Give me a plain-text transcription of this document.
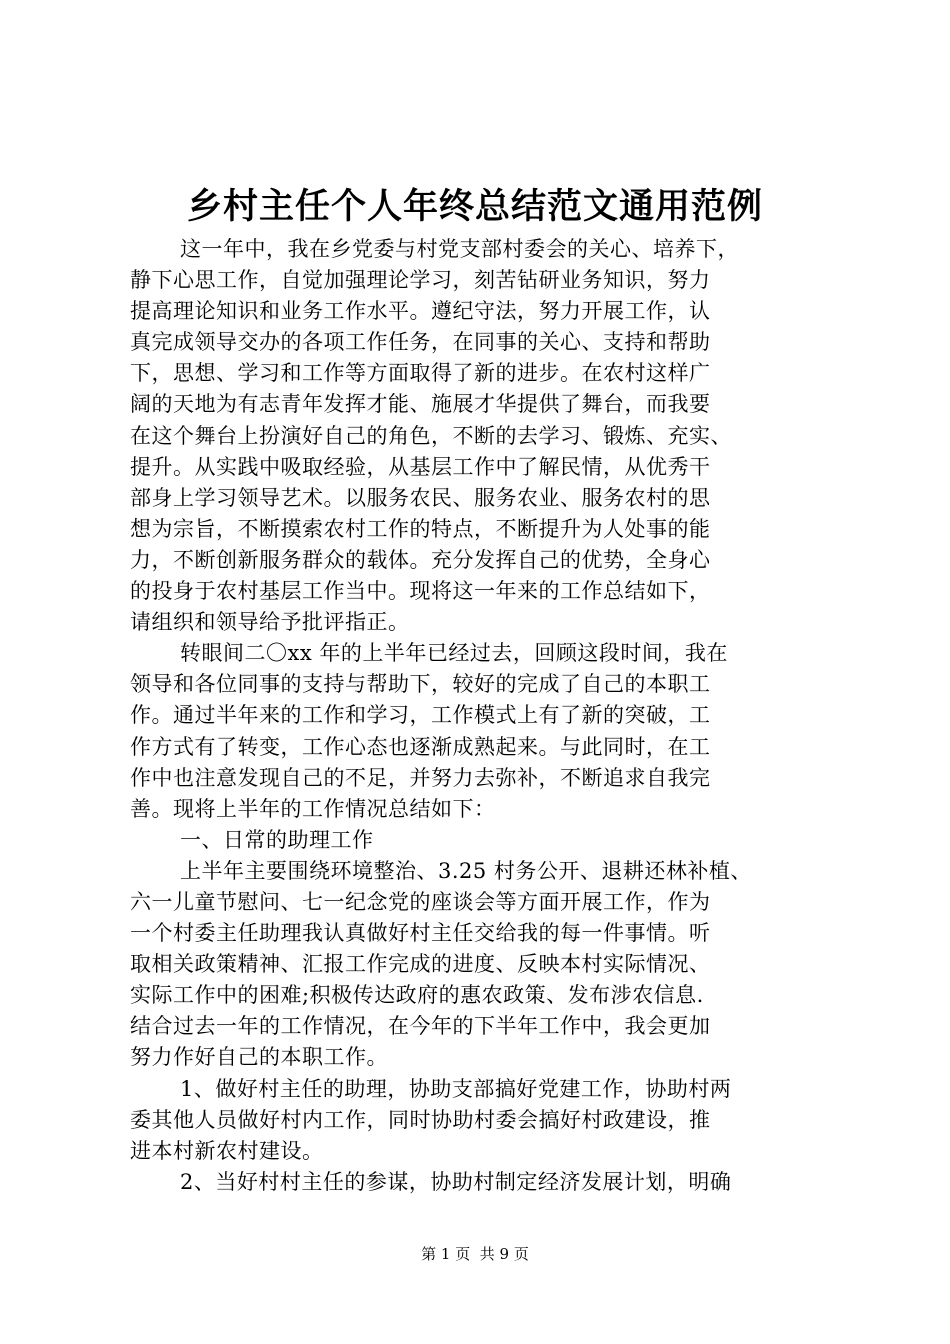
乡村主任个人年终总结范文通用范例
这一年中，我在乡党委与村党支部村委会的关心、培养下，
静下心思工作，自觉加强理论学习，刻苦钻研业务知识，努力
提高理论知识和业务工作水平。遵纪守法，努力开展工作，认
真完成领导交办的各项工作任务，在同事的关心、支持和帮助
下，思想、学习和工作等方面取得了新的进步。在农村这样广
阔的天地为有志青年发挥才能、施展才华提供了舞台，而我要
在这个舞台上扮演好自己的角色，不断的去学习、锻炼、充实、
提升。从实践中吸取经验，从基层工作中了解民情，从优秀干
部身上学习领导艺术。以服务农民、服务农业、服务农村的思
想为宗旨，不断摸索农村工作的特点，不断提升为人处事的能
力，不断创新服务群众的载体。充分发挥自己的优势，全身心
的投身于农村基层工作当中。现将这一年来的工作总结如下，
请组织和领导给予批评指正。
转眼间二〇xx 年的上半年已经过去，回顾这段时间，我在
领导和各位同事的支持与帮助下，较好的完成了自己的本职工
作。通过半年来的工作和学习，工作模式上有了新的突破，工
作方式有了转变，工作心态也逐渐成熟起来。与此同时，在工
作中也注意发现自己的不足，并努力去弥补，不断追求自我完
善。现将上半年的工作情况总结如下：
一、日常的助理工作
上半年主要围绕环境整治、3.25 村务公开、退耕还林补植、
六一儿童节慰问、七一纪念党的座谈会等方面开展工作，作为
一个村委主任助理我认真做好村主任交给我的每一件事情。听
取相关政策精神、汇报工作完成的进度、反映本村实际情况、
实际工作中的困难;积极传达政府的惠农政策、发布涉农信息.
结合过去一年的工作情况，在今年的下半年工作中，我会更加
努力作好自己的本职工作。
1、做好村主任的助理，协助支部搞好党建工作，协助村两
委其他人员做好村内工作，同时协助村委会搞好村政建设，推
进本村新农村建设。
2、当好村村主任的参谋，协助村制定经济发展计划，明确
第 1 页 共 9 页
